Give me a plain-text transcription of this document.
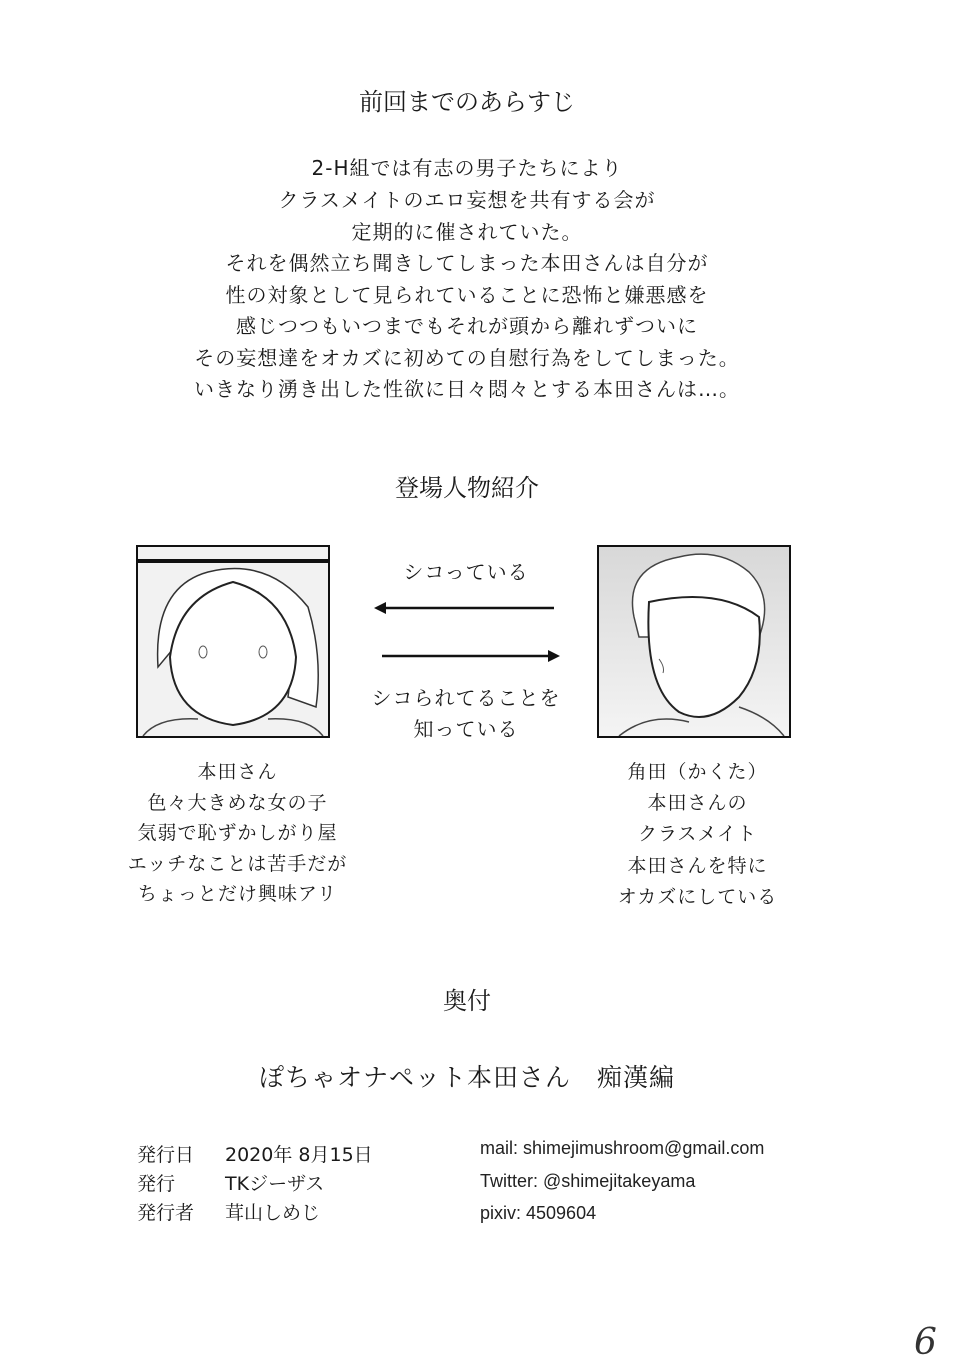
前回までのあらすじ
2-H組では有志の男子たちにより
クラスメイトのエロ妄想を共有する会が
定期的に催されていた。
それを偶然立ち聞きしてしまった本田さんは自分が
性の対象として見られていることに恐怖と嫌悪感を
感じつつもいつまでもそれが頭から離れずついに
その妄想達をオカズに初めての自慰行為をしてしまった。
いきなり湧き出した性欲に日々悶々とする本田さんは…。
登場人物紹介
シコっている
シコられてることを
知っている
本田さん
色々大きめな女の子
気弱で恥ずかしがり屋
エッチなことは苦手だが
ちょっとだけ興味アリ
角田（かくた）
本田さんの
クラスメイト
本田さんを特に
オカズにしている
奥付
ぽちゃオナペット本田さん　痴漢編
発行日
発行
発行者
2020年 8月15日
TKジーザス
茸山しめじ
mail: shimejimushroom@gmail.com
Twitter: @shimejitakeyama
pixiv: 4509604
6
